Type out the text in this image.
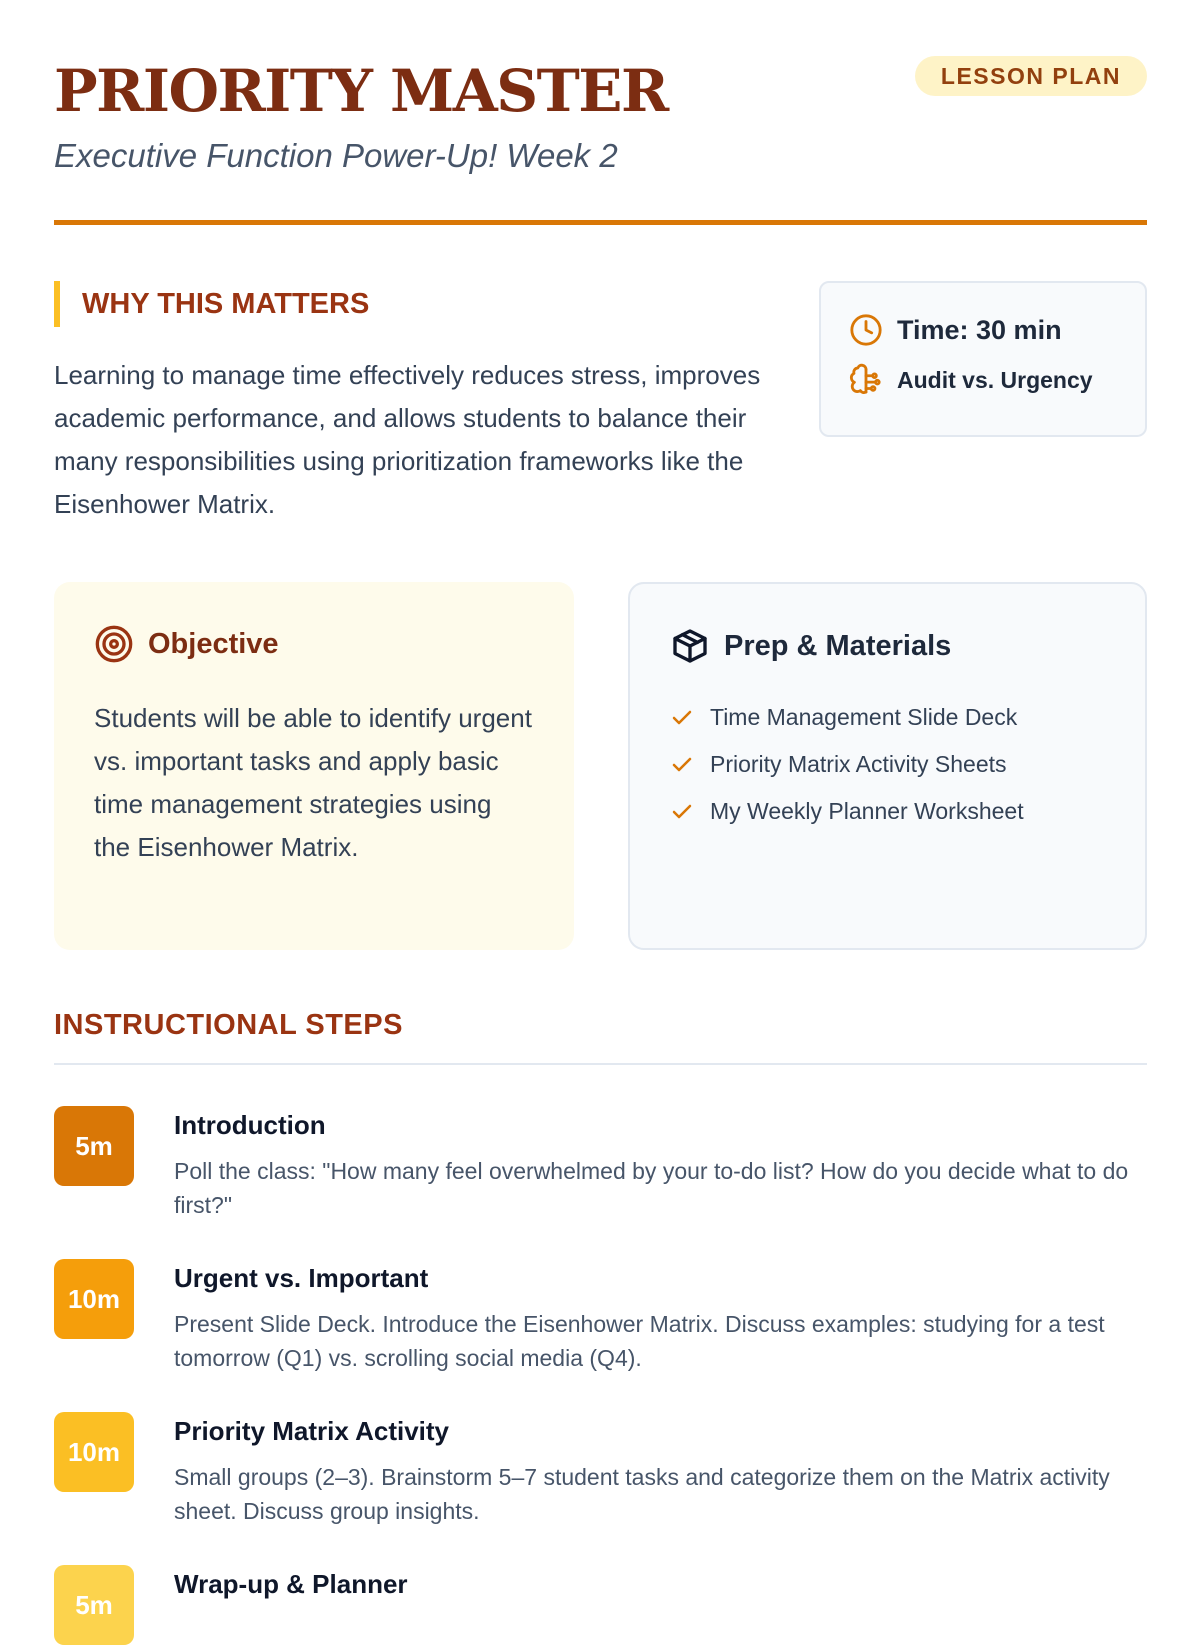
PRIORITY MASTER
Executive Function Power-Up! Week 2
LESSON PLAN
WHY THIS MATTERS
Learning to manage time effectively reduces stress, improves academic performance, and allows students to balance their many responsibilities using prioritization frameworks like the Eisenhower Matrix.
Time: 30 min
Audit vs. Urgency
Objective
Students will be able to identify urgent vs. important tasks and apply basic time management strategies using the Eisenhower Matrix.
Prep & Materials
Time Management Slide Deck
Priority Matrix Activity Sheets
My Weekly Planner Worksheet
INSTRUCTIONAL STEPS
5m
Introduction
Poll the class: "How many feel overwhelmed by your to-do list? How do you decide what to do first?"
10m
Urgent vs. Important
Present Slide Deck. Introduce the Eisenhower Matrix. Discuss examples: studying for a test tomorrow (Q1) vs. scrolling social media (Q4).
10m
Priority Matrix Activity
Small groups (2–3). Brainstorm 5–7 student tasks and categorize them on the Matrix activity sheet. Discuss group insights.
5m
Wrap-up & Planner
